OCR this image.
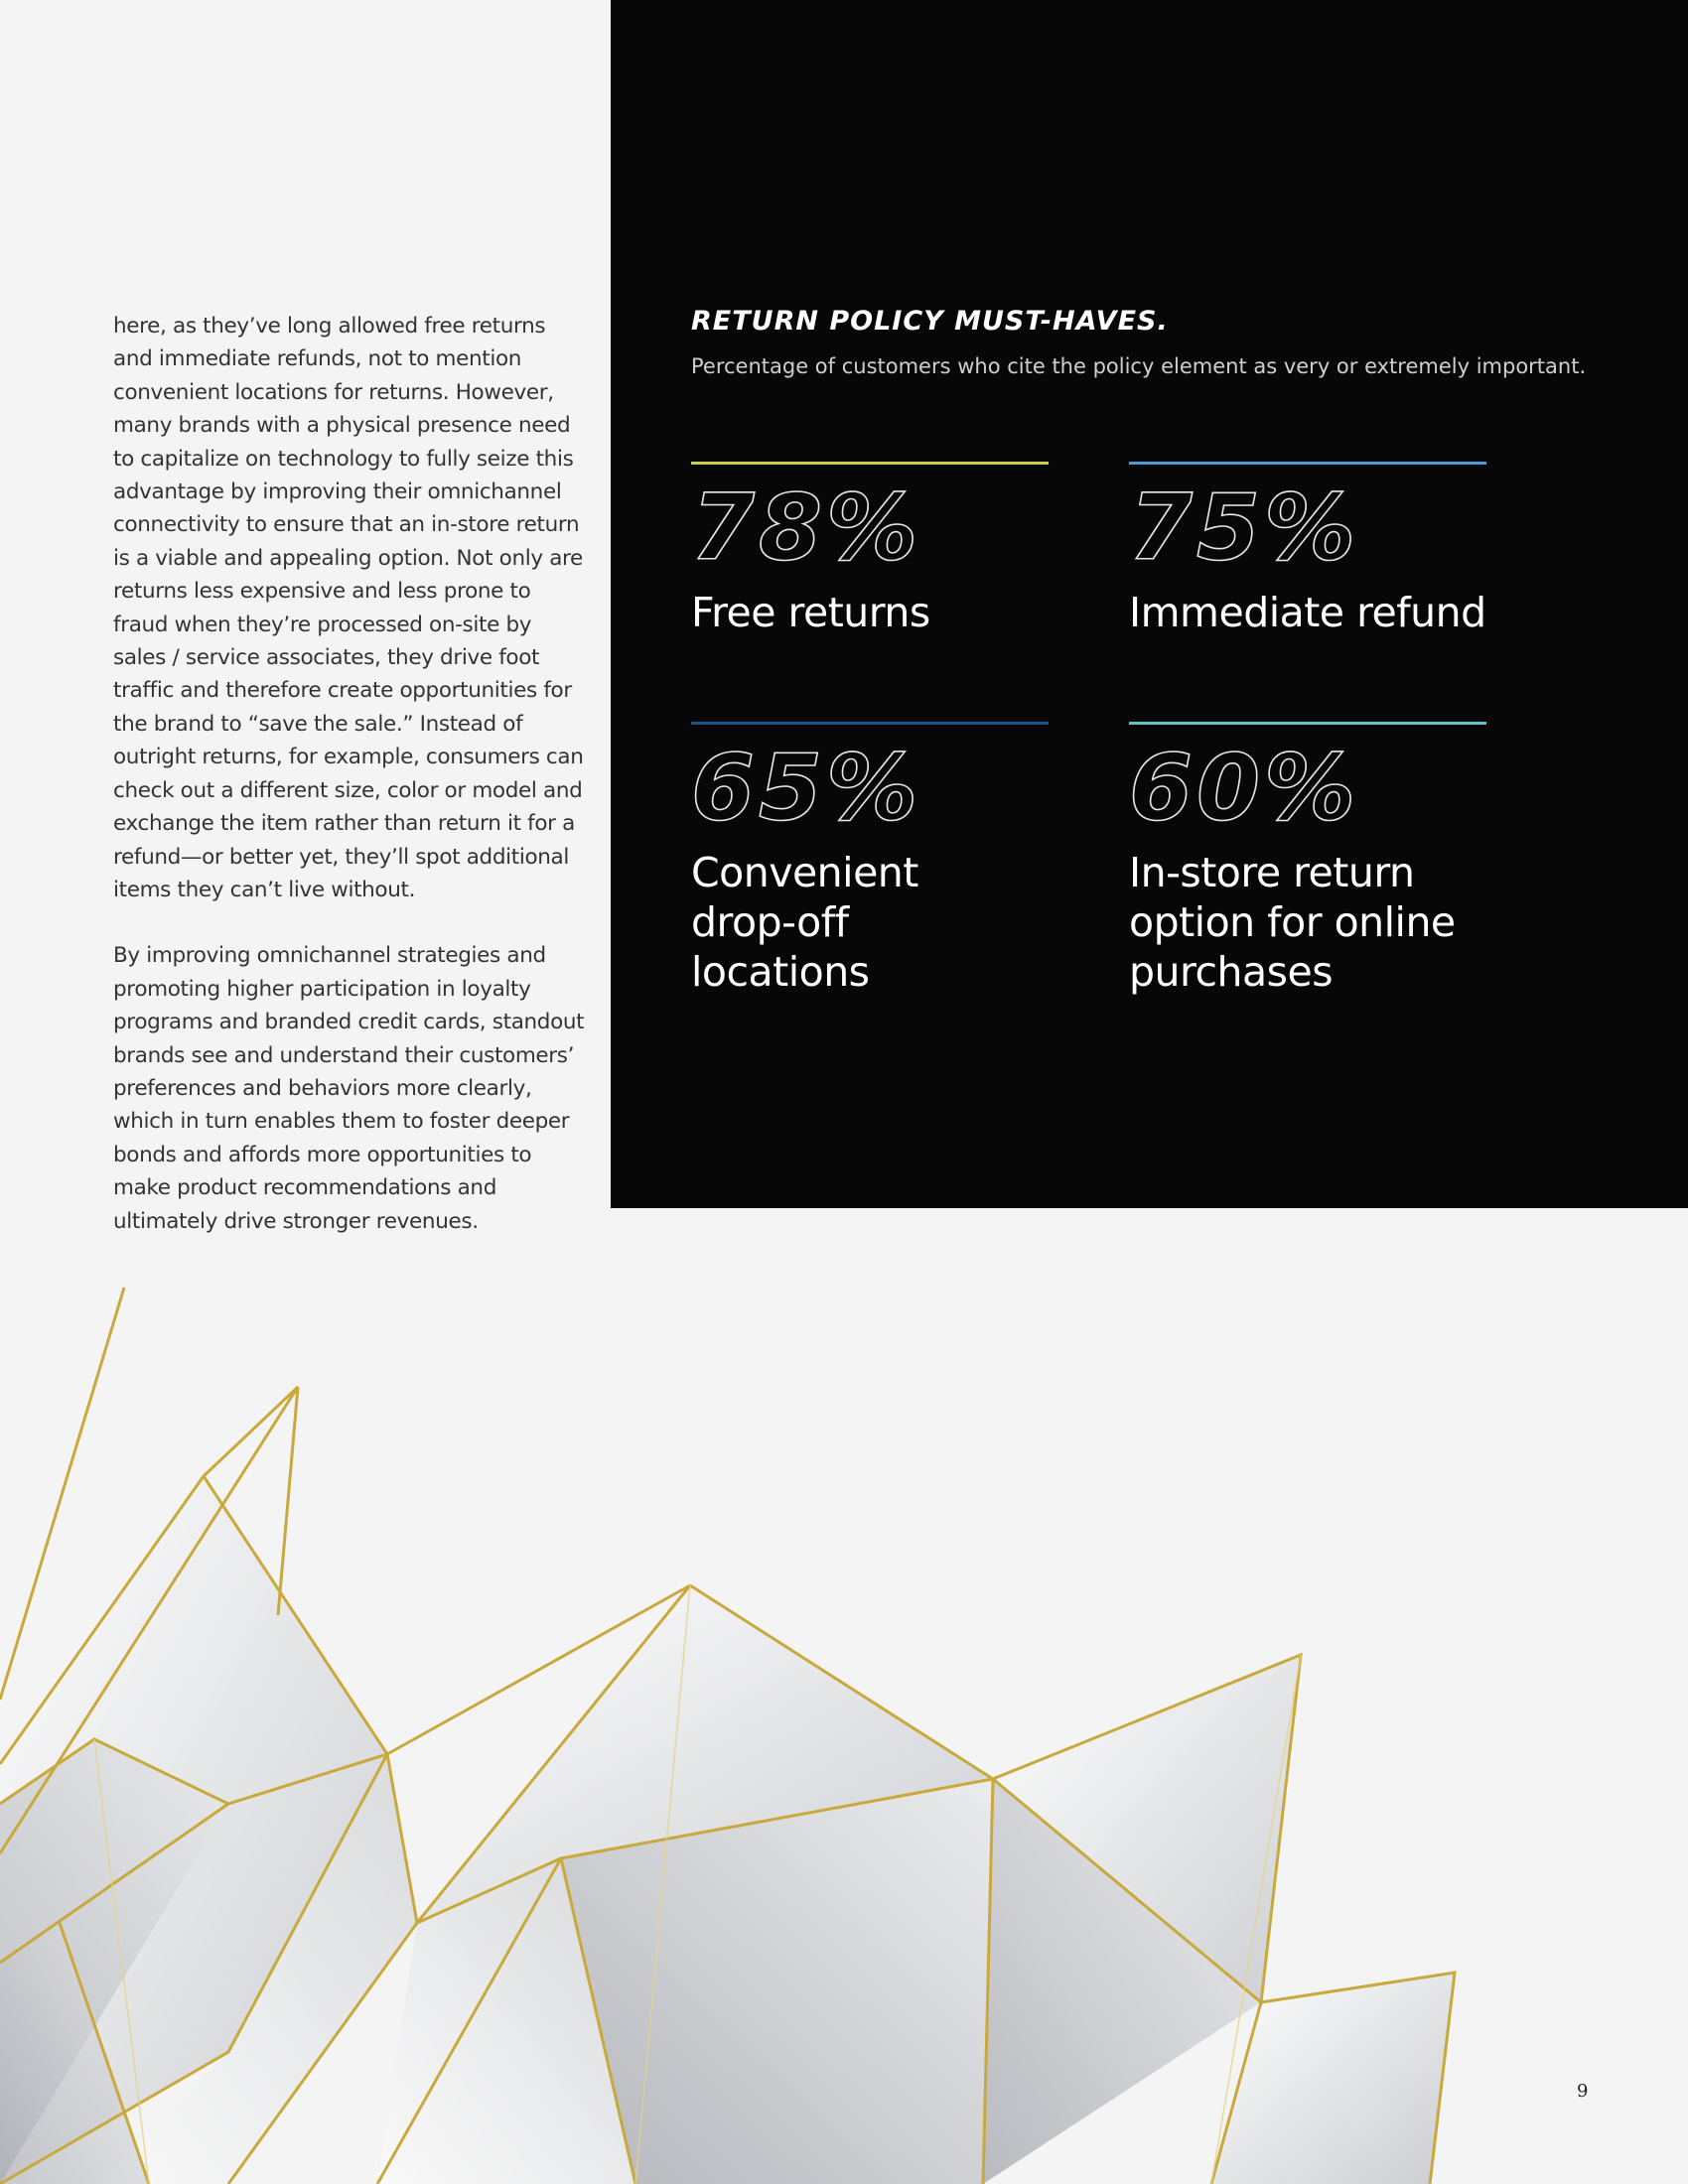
here, as they’ve long allowed free returns and immediate refunds, not to mention convenient locations for returns. However, many brands with a physical presence need to capitalize on technology to fully seize this advantage by improving their omnichannel connectivity to ensure that an in-store return is a viable and appealing option. Not only are returns less expensive and less prone to fraud when they’re processed on-site by sales / service associates, they drive foot traffic and therefore create opportunities for the brand to “save the sale.” Instead of outright returns, for example, consumers can check out a different size, color or model and exchange the item rather than return it for a refund—or better yet, they’ll spot additional items they can’t live without.

By improving omnichannel strategies and promoting higher participation in loyalty programs and branded credit cards, standout brands see and understand their customers’ preferences and behaviors more clearly, which in turn enables them to foster deeper bonds and affords more opportunities to make product recommendations and ultimately drive stronger revenues.

RETURN POLICY MUST-HAVES.
Percentage of customers who cite the policy element as very or extremely important.
78%
Free returns
75%
Immediate refund
65%
Convenient drop-off locations
60%
In-store return option for online purchases
9
